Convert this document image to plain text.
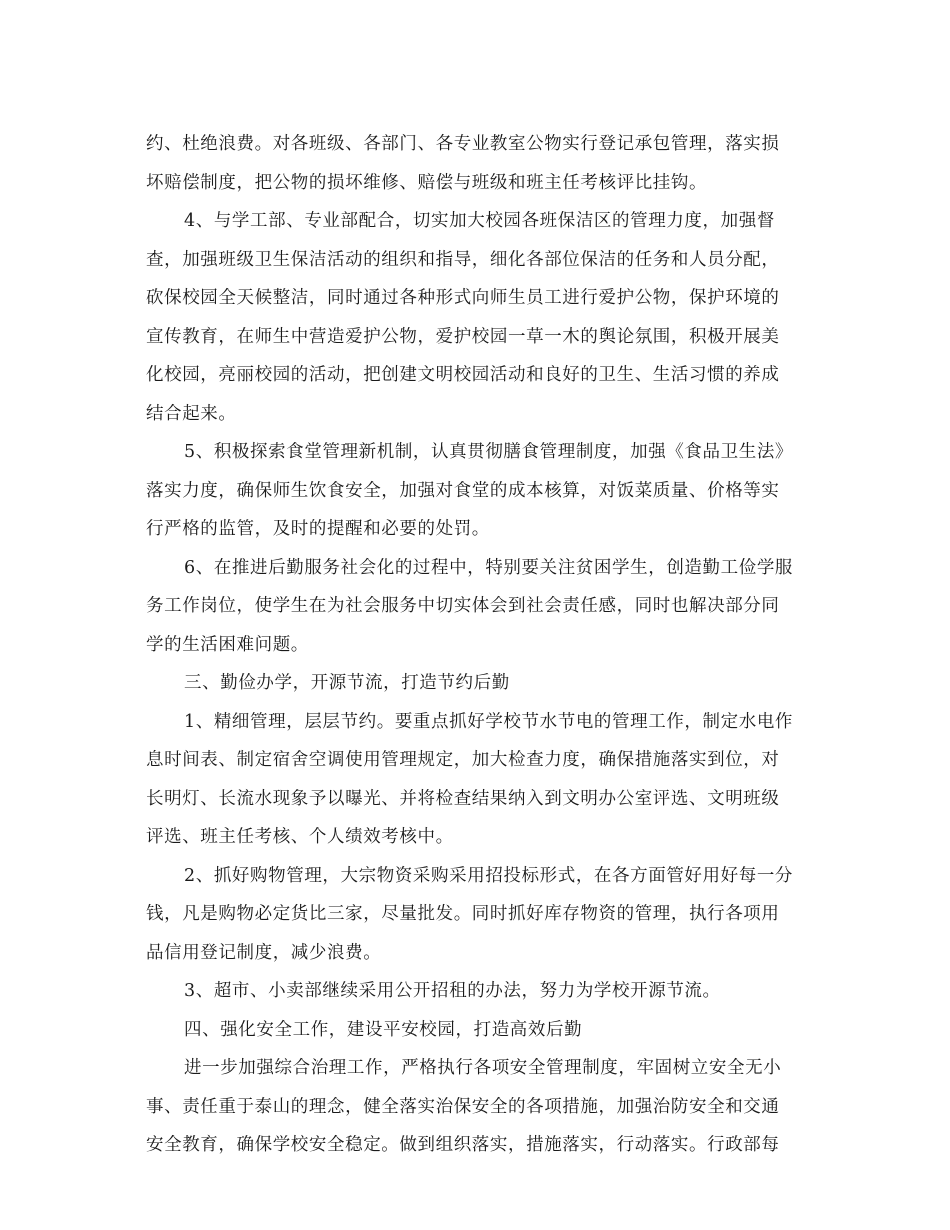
约、杜绝浪费。对各班级、各部门、各专业教室公物实行登记承包管理，落实损
坏赔偿制度，把公物的损坏维修、赔偿与班级和班主任考核评比挂钩。

4、与学工部、专业部配合，切实加大校园各班保洁区的管理力度，加强督
查，加强班级卫生保洁活动的组织和指导，细化各部位保洁的任务和人员分配，
砍保校园全天候整洁，同时通过各种形式向师生员工进行爱护公物，保护环境的
宣传教育，在师生中营造爱护公物，爱护校园一草一木的舆论氛围，积极开展美
化校园，亮丽校园的活动，把创建文明校园活动和良好的卫生、生活习惯的养成
结合起来。

5、积极探索食堂管理新机制，认真贯彻膳食管理制度，加强《食品卫生法》
落实力度，确保师生饮食安全，加强对食堂的成本核算，对饭菜质量、价格等实
行严格的监管，及时的提醒和必要的处罚。

6、在推进后勤服务社会化的过程中，特别要关注贫困学生，创造勤工俭学服
务工作岗位，使学生在为社会服务中切实体会到社会责任感，同时也解决部分同
学的生活困难问题。

三、勤俭办学，开源节流，打造节约后勤

1、精细管理，层层节约。要重点抓好学校节水节电的管理工作，制定水电作
息时间表、制定宿舍空调使用管理规定，加大检查力度，确保措施落实到位，对
长明灯、长流水现象予以曝光、并将检查结果纳入到文明办公室评选、文明班级
评选、班主任考核、个人绩效考核中。

2、抓好购物管理，大宗物资采购采用招投标形式，在各方面管好用好每一分
钱，凡是购物必定货比三家，尽量批发。同时抓好库存物资的管理，执行各项用
品信用登记制度，减少浪费。

3、超市、小卖部继续采用公开招租的办法，努力为学校开源节流。

四、强化安全工作，建设平安校园，打造高效后勤

进一步加强综合治理工作，严格执行各项安全管理制度，牢固树立安全无小
事、责任重于泰山的理念，健全落实治保安全的各项措施，加强治防安全和交通
安全教育，确保学校安全稳定。做到组织落实，措施落实，行动落实。行政部每
